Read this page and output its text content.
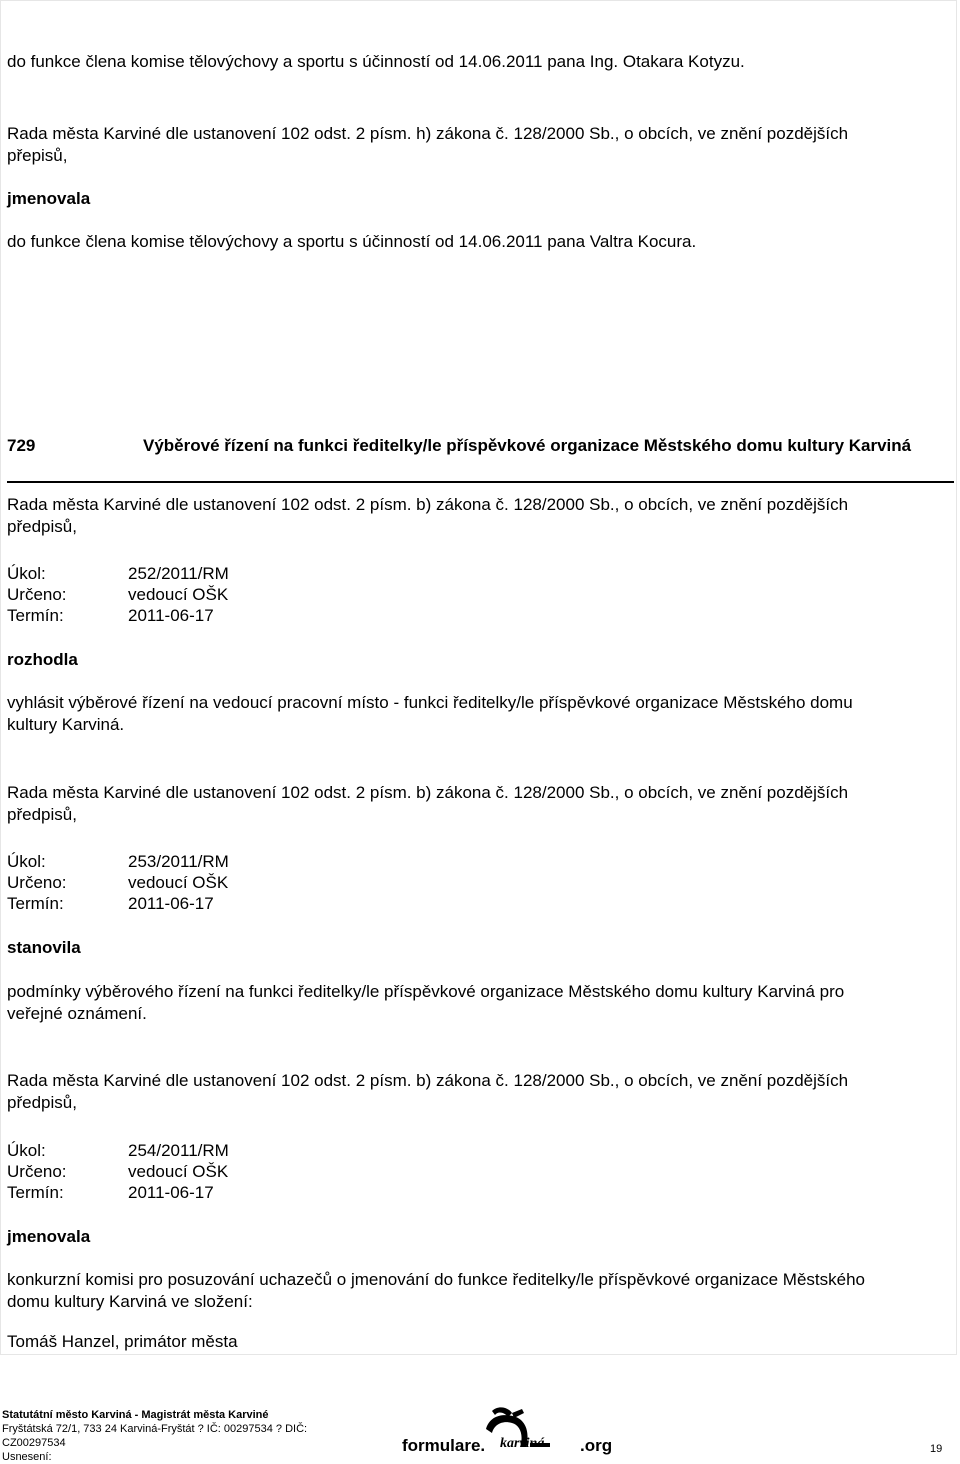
do funkce člena komise tělovýchovy a sportu s účinností od 14.06.2011 pana Ing. Otakara Kotyzu.
Rada města Karviné dle ustanovení 102 odst. 2 písm. h) zákona č. 128/2000 Sb., o obcích, ve znění pozdějších
přepisů,
jmenovala
do funkce člena komise tělovýchovy a sportu s účinností od 14.06.2011 pana Valtra Kocura.
729	Výběrové řízení na funkci ředitelky/le příspěvkové organizace Městského domu kultury Karviná
Rada města Karviné dle ustanovení 102 odst. 2 písm. b) zákona č. 128/2000 Sb., o obcích, ve znění pozdějších
předpisů,
Úkol:	252/2011/RM
Určeno:	vedoucí OŠK
Termín:	2011-06-17
rozhodla
vyhlásit výběrové řízení na vedoucí pracovní místo - funkci ředitelky/le příspěvkové organizace Městského domu
kultury Karviná.
Rada města Karviné dle ustanovení 102 odst. 2 písm. b) zákona č. 128/2000 Sb., o obcích, ve znění pozdějších
předpisů,
Úkol:	253/2011/RM
Určeno:	vedoucí OŠK
Termín:	2011-06-17
stanovila
podmínky výběrového řízení na funkci ředitelky/le příspěvkové organizace Městského domu kultury Karviná pro
veřejné oznámení.
Rada města Karviné dle ustanovení 102 odst. 2 písm. b) zákona č. 128/2000 Sb., o obcích, ve znění pozdějších
předpisů,
Úkol:	254/2011/RM
Určeno:	vedoucí OŠK
Termín:	2011-06-17
jmenovala
konkurzní komisi pro posuzování uchazečů o jmenování do funkce ředitelky/le příspěvkové organizace Městského
domu kultury Karviná ve složení:
Tomáš Hanzel, primátor města
Statutátní město Karviná - Magistrát města Karviné
Fryštátská 72/1, 733 24 Karviná-Fryštát ? IČ: 00297534 ? DIČ:
CZ00297534
Usnesení:
formulare. karviná .org	19
